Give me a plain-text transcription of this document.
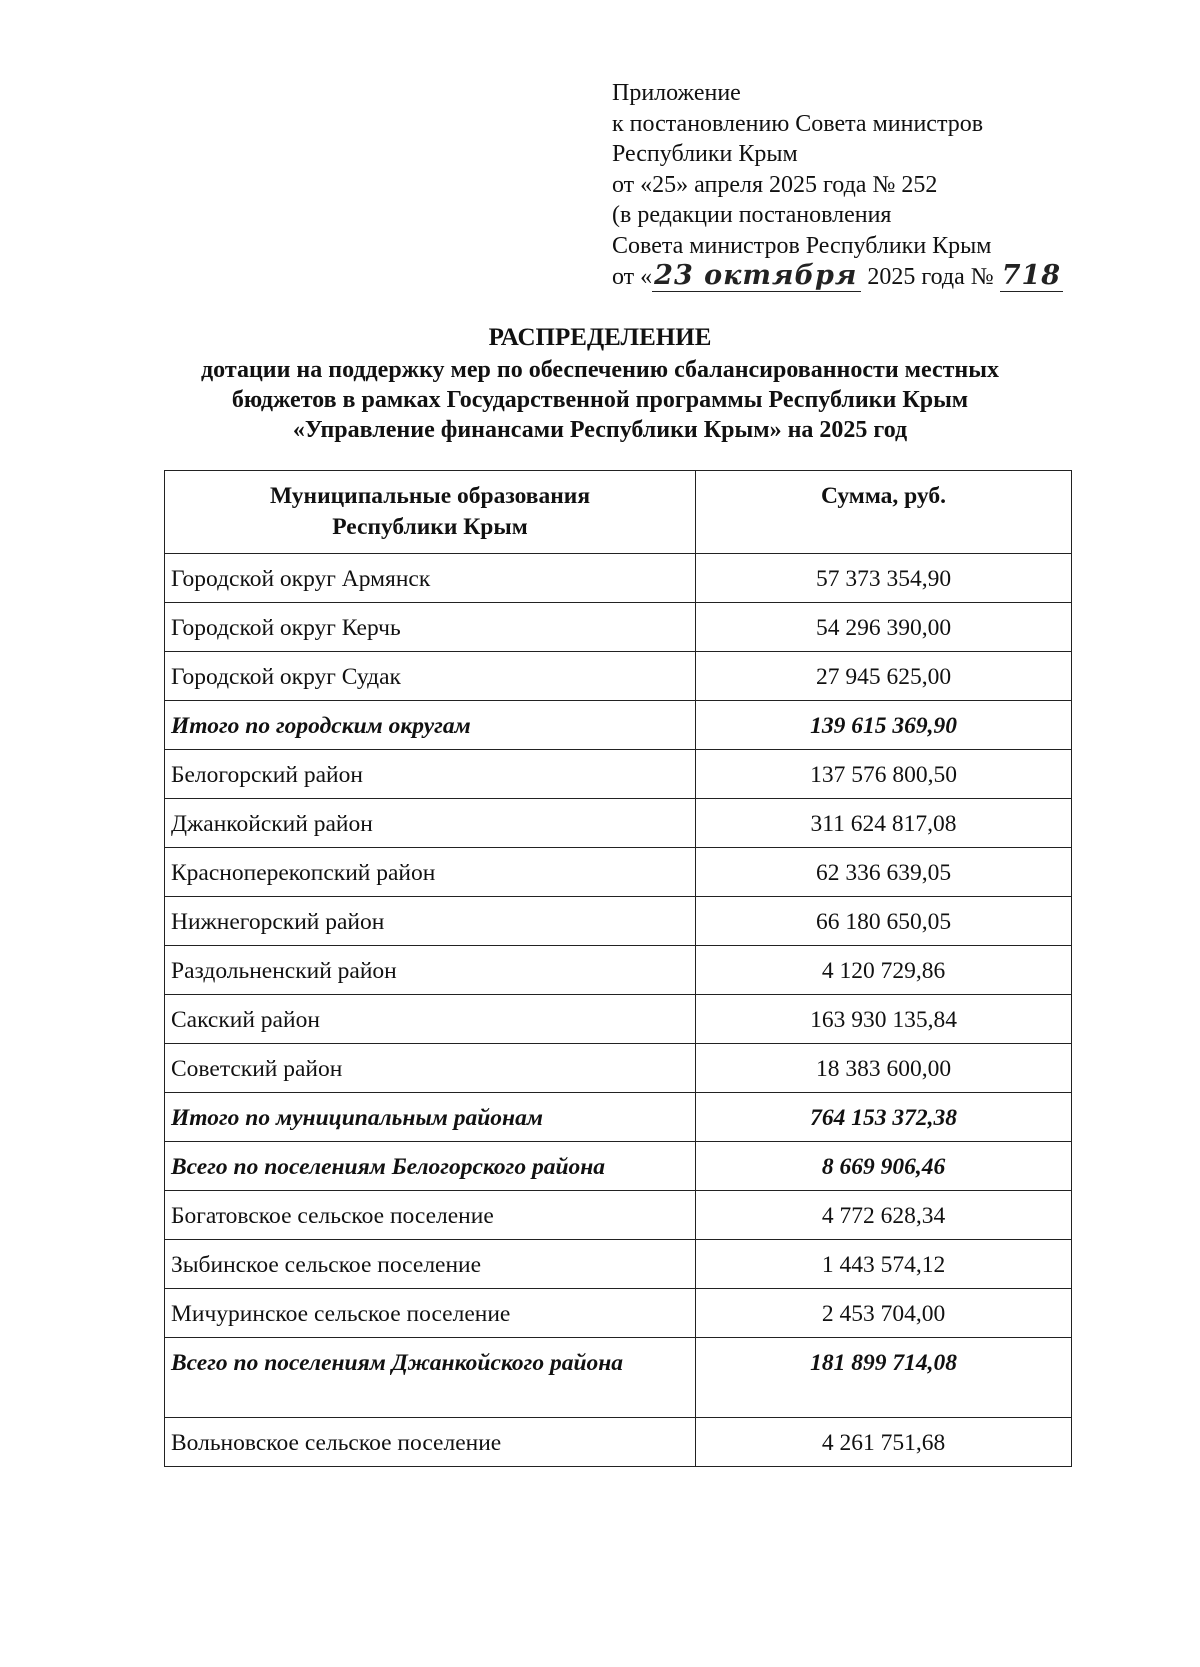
Приложение
к постановлению Совета министров
Республики Крым
от «25» апреля 2025 года № 252
(в редакции постановления
Совета министров Республики Крым
от «23 октября 2025 года № 718
РАСПРЕДЕЛЕНИЕ
дотации на поддержку мер по обеспечению сбалансированности местных
бюджетов в рамках Государственной программы Республики Крым
«Управление финансами Республики Крым» на 2025 год
Муниципальные образования
Республики Крым	Сумма, руб.
Городской округ Армянск	57 373 354,90
Городской округ Керчь	54 296 390,00
Городской округ Судак	27 945 625,00
Итого по городским округам	139 615 369,90
Белогорский район	137 576 800,50
Джанкойский район	311 624 817,08
Красноперекопский район	62 336 639,05
Нижнегорский район	66 180 650,05
Раздольненский район	4 120 729,86
Сакский район	163 930 135,84
Советский район	18 383 600,00
Итого по муниципальным районам	764 153 372,38
Всего по поселениям Белогорского района	8 669 906,46
Богатовское сельское поселение	4 772 628,34
Зыбинское сельское поселение	1 443 574,12
Мичуринское сельское поселение	2 453 704,00
Всего по поселениям Джанкойского района	181 899 714,08
Вольновское сельское поселение	4 261 751,68
